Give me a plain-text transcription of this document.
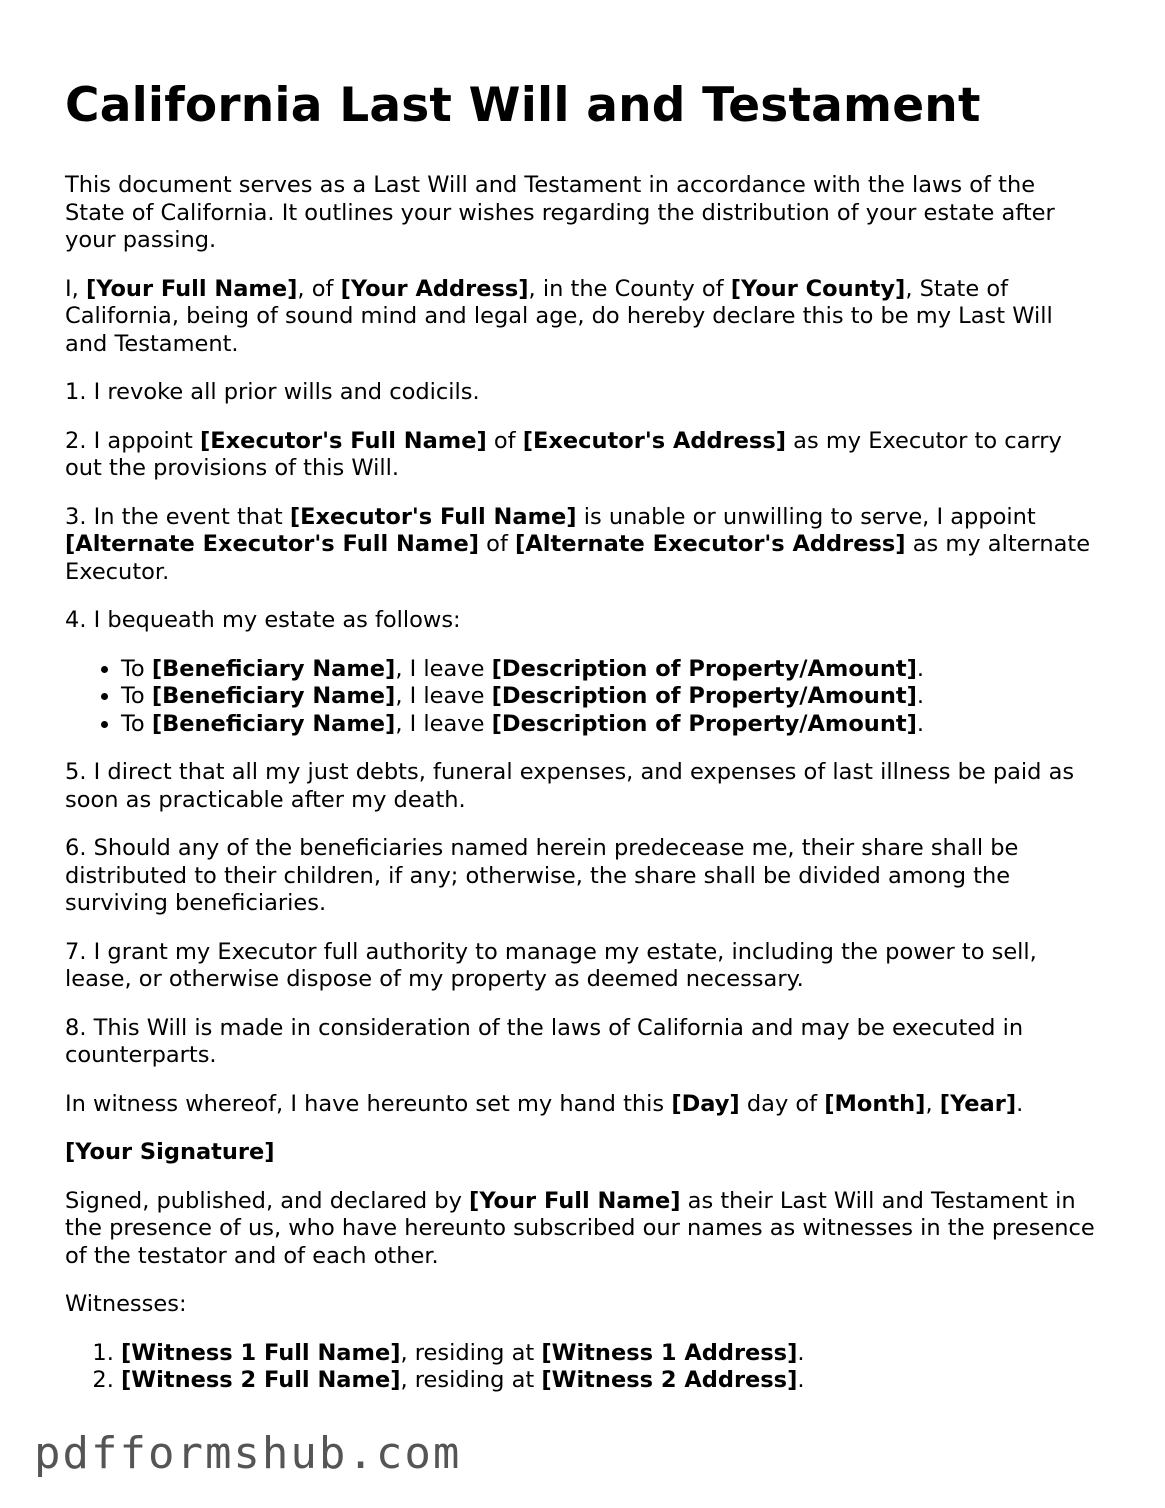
California Last Will and Testament

This document serves as a Last Will and Testament in accordance with the laws of the State of California. It outlines your wishes regarding the distribution of your estate after your passing.

I, [Your Full Name], of [Your Address], in the County of [Your County], State of California, being of sound mind and legal age, do hereby declare this to be my Last Will and Testament.

1. I revoke all prior wills and codicils.

2. I appoint [Executor's Full Name] of [Executor's Address] as my Executor to carry out the provisions of this Will.

3. In the event that [Executor's Full Name] is unable or unwilling to serve, I appoint [Alternate Executor's Full Name] of [Alternate Executor's Address] as my alternate Executor.

4. I bequeath my estate as follows:

• To [Beneficiary Name], I leave [Description of Property/Amount].
• To [Beneficiary Name], I leave [Description of Property/Amount].
• To [Beneficiary Name], I leave [Description of Property/Amount].

5. I direct that all my just debts, funeral expenses, and expenses of last illness be paid as soon as practicable after my death.

6. Should any of the beneficiaries named herein predecease me, their share shall be distributed to their children, if any; otherwise, the share shall be divided among the surviving beneficiaries.

7. I grant my Executor full authority to manage my estate, including the power to sell, lease, or otherwise dispose of my property as deemed necessary.

8. This Will is made in consideration of the laws of California and may be executed in counterparts.

In witness whereof, I have hereunto set my hand this [Day] day of [Month], [Year].

[Your Signature]

Signed, published, and declared by [Your Full Name] as their Last Will and Testament in the presence of us, who have hereunto subscribed our names as witnesses in the presence of the testator and of each other.

Witnesses:

1. [Witness 1 Full Name], residing at [Witness 1 Address].
2. [Witness 2 Full Name], residing at [Witness 2 Address].
pdfformshub.com
